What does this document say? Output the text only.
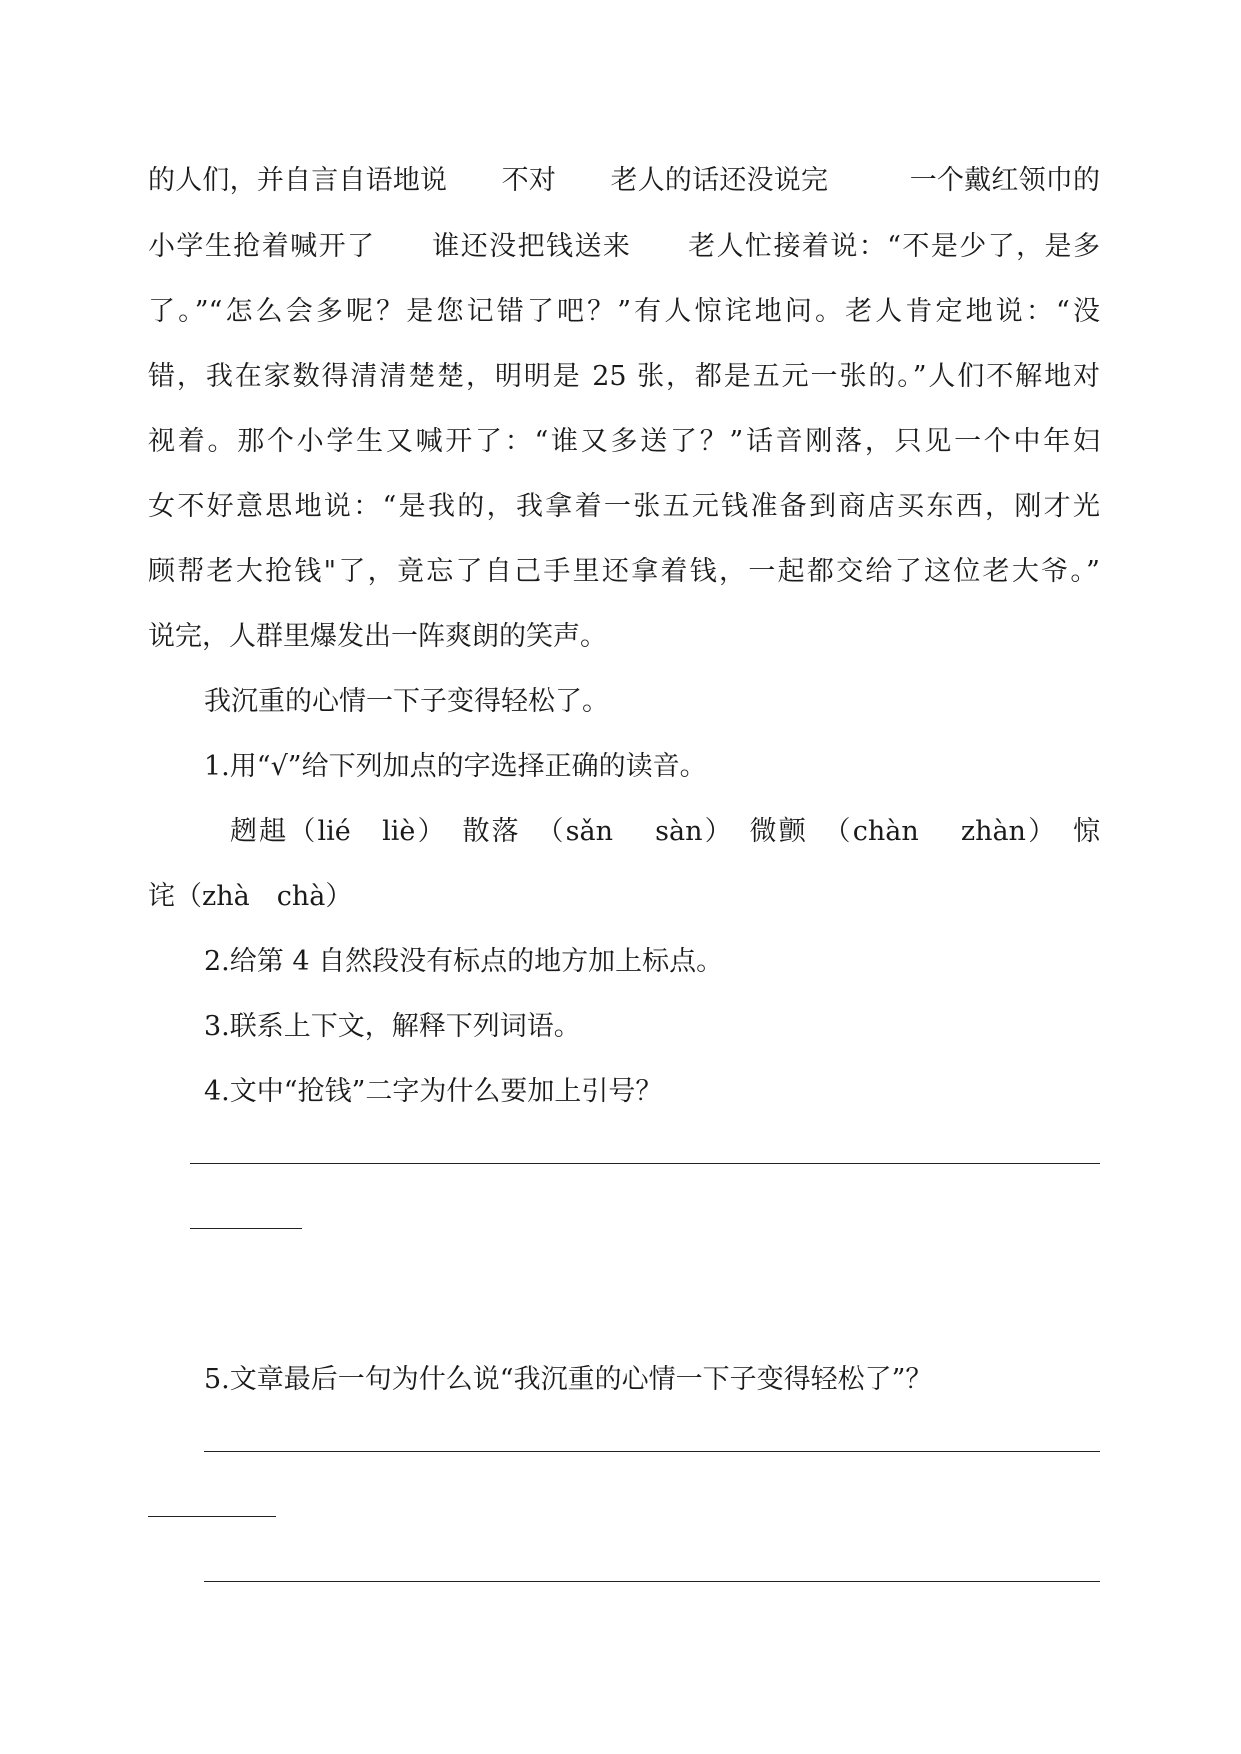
的人们，并自言自语地说　　不对　　老人的话还没说完　　　一个戴红领巾的
小学生抢着喊开了　　谁还没把钱送来　　老人忙接着说：“不是少了，是多
了。”“怎么会多呢？是您记错了吧？”有人惊诧地问。老人肯定地说：“没
错，我在家数得清清楚楚，明明是 25 张，都是五元一张的。”人们不解地对
视着。那个小学生又喊开了：“谁又多送了？”话音刚落，只见一个中年妇
女不好意思地说：“是我的，我拿着一张五元钱准备到商店买东西，刚才光
顾帮老大抢钱"了，竟忘了自己手里还拿着钱，一起都交给了这位老大爷。”
说完，人群里爆发出一阵爽朗的笑声。
我沉重的心情一下子变得轻松了。
1.用“√”给下列加点的字选择正确的读音。
趔趄（lié　liè）　散落　（sǎn　 sàn）　微颤　（chàn　 zhàn）　惊
诧（zhà　chà）
2.给第 4 自然段没有标点的地方加上标点。
3.联系上下文，解释下列词语。
4.文中“抢钱”二字为什么要加上引号？
5.文章最后一句为什么说“我沉重的心情一下子变得轻松了”？
